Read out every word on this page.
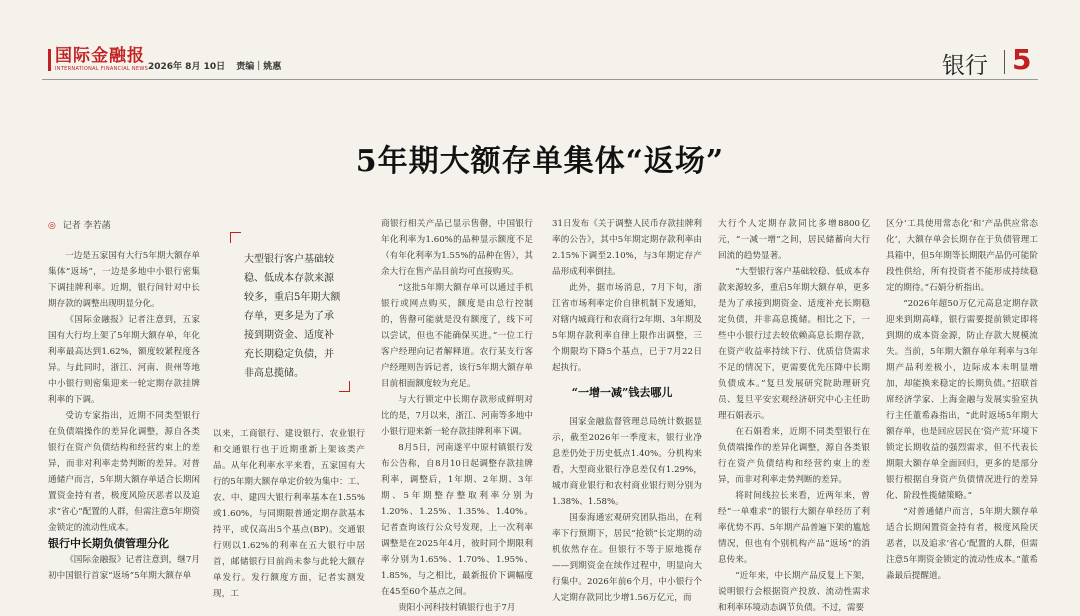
国际金融报
INTERNATIONAL FINANCIAL NEWS 2026年 8月 10日 责编｜姚惠	银行 5
5年期大额存单集体“返场”
◎ 记者 李若菡

一边是五家国有大行5年期大额存单集体“返场”，一边是多地中小银行密集下调挂牌利率。近期，银行间针对中长期存款的调整出现明显分化。

《国际金融报》记者注意到，五家国有大行均上架了5年期大额存单，年化利率最高达到1.62%，额度较紧程度各异。与此同时，浙江、河南、贵州等地中小银行则密集迎来一轮定期存款挂牌利率的下调。

受访专家指出，近期不同类型银行在负债端操作的差异化调整，源自各类银行在资产负债结构和经营约束上的差异，而非对利率走势判断的差异。对普通储户而言，5年期大额存单适合长期闲置资金持有者，极度风险厌恶者以及追求“省心”配置的人群，但需注意5年期资金锁定的流动性成本。

银行中长期负债管理分化

《国际金融报》记者注意到，继7月初中国银行首家“返场”5年期大额存单

大型银行客户基础较稳、低成本存款来源较多，重启5年期大额存单，更多是为了承接到期资金、适度补充长期稳定负债，并非高息揽储。

以来，工商银行、建设银行、农业银行和交通银行也于近期重新上架该类产品。从年化利率水平来看，五家国有大行的5年期大额存单定价较为集中：工、农、中、建四大银行利率基本在1.55%或1.60%，与同期限普通定期存款基本持平，或仅高出5个基点(BP)。交通银行则以1.62%的利率在五大银行中居首，邮储银行目前尚未参与此轮大额存单发行。发行额度方面，记者实测发现，工

商银行相关产品已显示售罄，中国银行年化利率为1.60%的品种显示额度不足（有年化利率为1.55%的品种在售），其余大行在售产品目前均可直接购买。

“这批5年期大额存单可以通过手机银行或网点购买，额度是由总行控制的，售罄可能就是没有额度了，线下可以尝试，但也不能确保买进。”一位工行客户经理向记者解释道。农行某支行客户经理则告诉记者，该行5年期大额存单目前相面额度较为充足。

与大行锁定中长期存款形成鲜明对比的是，7月以来，浙江、河南等多地中小银行迎来新一轮存款挂牌利率下调。

8月5日，河南遂平中原村镇银行发布公告称，自8月10日起调整存款挂牌利率，调整后，1年期、2年期、3年期、5年期整存整取利率分别为1.20%、1.25%、1.35%、1.40%。记者查询该行公众号发现，上一次利率调整是在2025年4月，彼时同个期限利率分别为1.65%、1.70%、1.95%、1.85%，与之相比，最新报价下调幅度在45至60个基点之间。

贵阳小河科技村镇银行也于7月

31日发布《关于调整人民币存款挂牌利率的公告》，其中5年期定期存款利率由2.15%下调至2.10%，与3年期定存产品形成利率倒挂。

此外，据市场消息，7月下旬，浙江省市场利率定价自律机制下发通知，对辖内城商行和农商行2年期、3年期及5年期存款利率自律上限作出调整，三个期限均下降5个基点，已于7月22日起执行。

“一增一减”钱去哪儿

国家金融监督管理总局统计数据显示，截至2026年一季度末，银行业净息差仍处于历史低点1.40%。分机构来看，大型商业银行净息差仅有1.29%，城市商业银行和农村商业银行则分别为1.38%、1.58%。

国泰海通宏观研究团队指出，在利率下行预期下，居民“抢锁”长定期的动机依然存在。但银行不等于原地揽存——到期资金在续作过程中，明显向大行集中。2026年前6个月，中小银行个人定期存款同比少增1.56万亿元，而

大行个人定期存款同比多增8800亿元，“一减一增”之间，居民储蓄向大行回流的趋势显著。

“大型银行客户基础较稳、低成本存款来源较多，重启5年期大额存单，更多是为了承接到期资金、适度补充长期稳定负债，并非高息揽储。相比之下，一些中小银行过去较依赖高息长期存款，在资产收益率持续下行、优质信贷需求不足的情况下，更需要优先压降中长期负债成本。”复旦发展研究院助理研究员、复旦平安宏观经济研究中心主任助理石娟表示。

在石娟看来，近期不同类型银行在负债端操作的差异化调整，源自各类银行在资产负债结构和经营约束上的差异，而非对利率走势判断的差异。

将时间线拉长来看，近两年来，曾经“一单难求”的银行大额存单经历了利率优势不再、5年期产品普遍下架的尴尬情况，但也有个别机构产品“返场”的消息传来。

“近年来，中长期产品反复上下架，说明银行会根据资产投放、流动性需求和利率环境动态调节负债。不过，需要

区分‘工具使用常态化’和‘产品供应常态化’，大额存单会长期存在于负债管理工具箱中，但5年期等长期限产品仍可能阶段性供给，所有投资者不能形成持续稳定的期待。”石娟分析指出。

“2026年超50万亿元高息定期存款迎来到期高峰，银行需要提前锁定即将到期的成本资金源，防止存款大规模流失。当前，5年期大额存单年利率与3年期产品利差极小，边际成本未明显增加，却能换来稳定的长期负债。”招联首席经济学家、上海金融与发展实验室执行主任董希淼指出，“此时返场5年期大额存单，也是回应居民在‘资产荒’环境下锁定长期收益的强烈需求，但不代表长期限大额存单全面回归，更多的是部分银行根据自身资产负债情况进行的差异化、阶段性揽储策略。”

“对普通储户而言，5年期大额存单适合长期闲置资金持有者，极度风险厌恶者，以及追求‘省心’配置的人群，但需注意5年期资金锁定的流动性成本。”董希淼最后提醒道。
